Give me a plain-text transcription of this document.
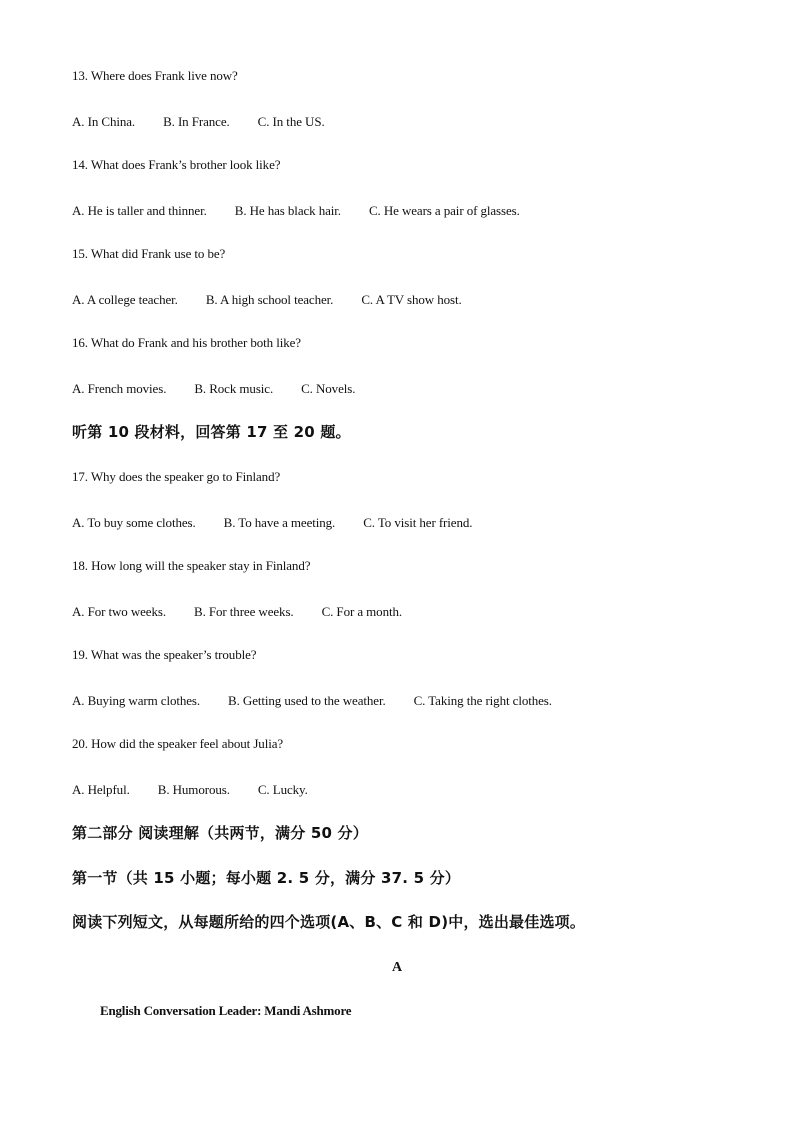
13. Where does Frank live now?
A. In China. B. In France. C. In the US.
14. What does Frank’s brother look like?
A. He is taller and thinner. B. He has black hair. C. He wears a pair of glasses.
15. What did Frank use to be?
A. A college teacher. B. A high school teacher. C. A TV show host.
16. What do Frank and his brother both like?
A. French movies. B. Rock music. C. Novels.
听第 10 段材料，回答第 17 至 20 题。
17. Why does the speaker go to Finland?
A. To buy some clothes. B. To have a meeting. C. To visit her friend.
18. How long will the speaker stay in Finland?
A. For two weeks. B. For three weeks. C. For a month.
19. What was the speaker’s trouble?
A. Buying warm clothes. B. Getting used to the weather. C. Taking the right clothes.
20. How did the speaker feel about Julia?
A. Helpful. B. Humorous. C. Lucky.
第二部分 阅读理解（共两节，满分 50 分）
第一节（共 15 小题；每小题 2. 5 分，满分 37. 5 分）
阅读下列短文，从每题所给的四个选项(A、B、C 和 D)中，选出最佳选项。
A
English Conversation Leader: Mandi Ashmore
